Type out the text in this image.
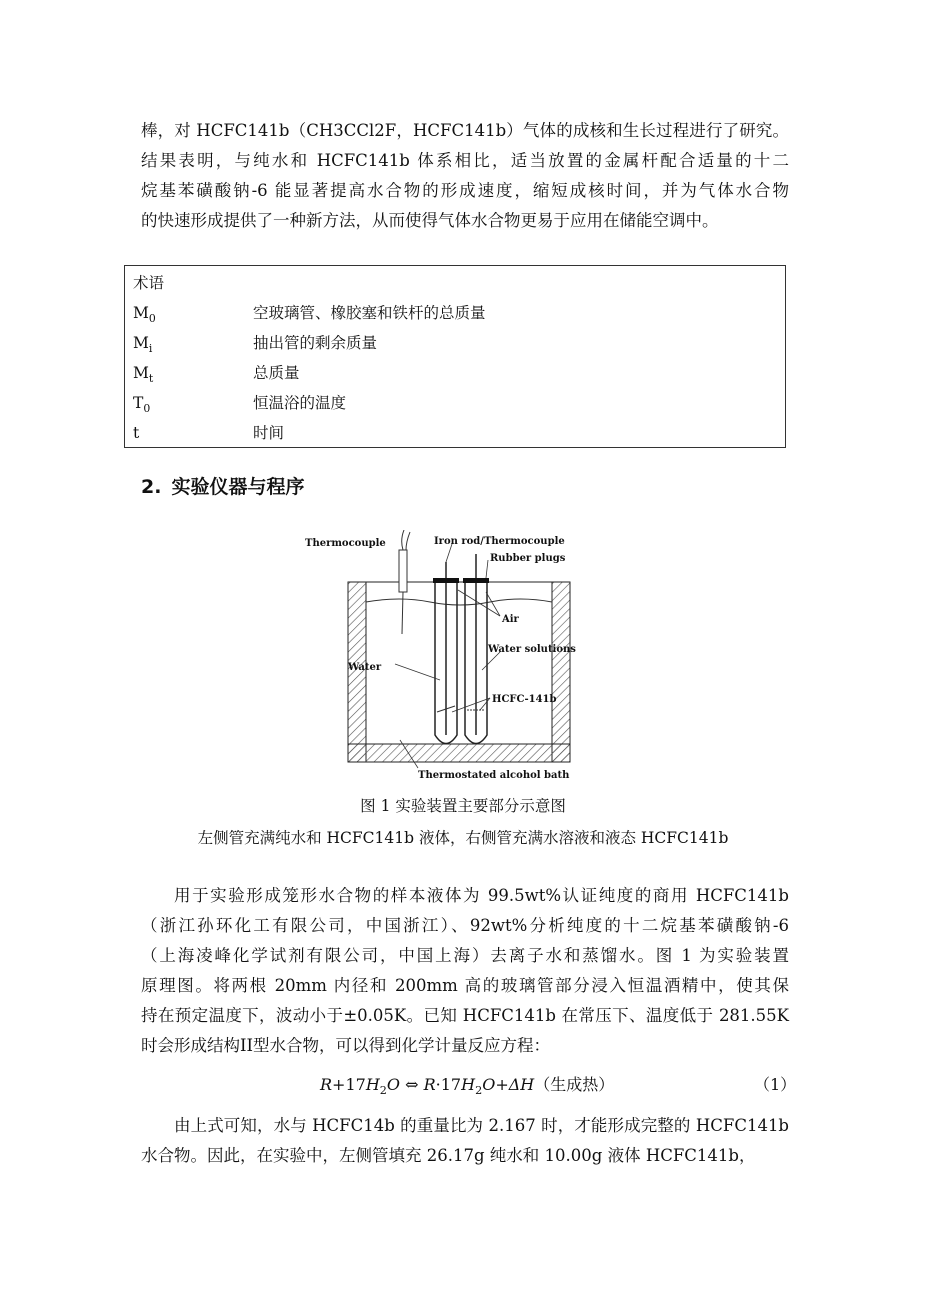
棒，对 HCFC141b（CH3CCl2F，HCFC141b）气体的成核和生长过程进行了研究。
结果表明，与纯水和 HCFC141b 体系相比，适当放置的金属杆配合适量的十二
烷基苯磺酸钠-6 能显著提高水合物的形成速度，缩短成核时间，并为气体水合物
的快速形成提供了一种新方法，从而使得气体水合物更易于应用在储能空调中。
术语
$M_0$	空玻璃管、橡胶塞和铁杆的总质量
$M_i$	抽出管的剩余质量
$M_t$	总质量
$T_0$	恒温浴的温度
t	时间
2. 实验仪器与程序
Thermocouple	Iron rod/Thermocouple
Rubber plugs
Air
Water solutions
Water
HCFC-141b
Thermostated alcohol bath
图 1 实验装置主要部分示意图
左侧管充满纯水和 HCFC141b 液体，右侧管充满水溶液和液态 HCFC141b
用于实验形成笼形水合物的样本液体为 99.5wt%认证纯度的商用 HCFC141b
（浙江孙环化工有限公司，中国浙江）、92wt%分析纯度的十二烷基苯磺酸钠-6
（上海凌峰化学试剂有限公司，中国上海）去离子水和蒸馏水。图 1 为实验装置
原理图。将两根 20mm 内径和 200mm 高的玻璃管部分浸入恒温酒精中，使其保
持在预定温度下，波动小于±0.05K。已知 HCFC141b 在常压下、温度低于 281.55K
时会形成结构II型水合物，可以得到化学计量反应方程：
$R+17H_2O$ ⇔ $R\cdot 17H_2O+\Delta H$（生成热）	（1）
由上式可知，水与 HCFC14b 的重量比为 2.167 时，才能形成完整的 HCFC141b
水合物。因此，在实验中，左侧管填充 26.17g 纯水和 10.00g 液体 HCFC141b，
